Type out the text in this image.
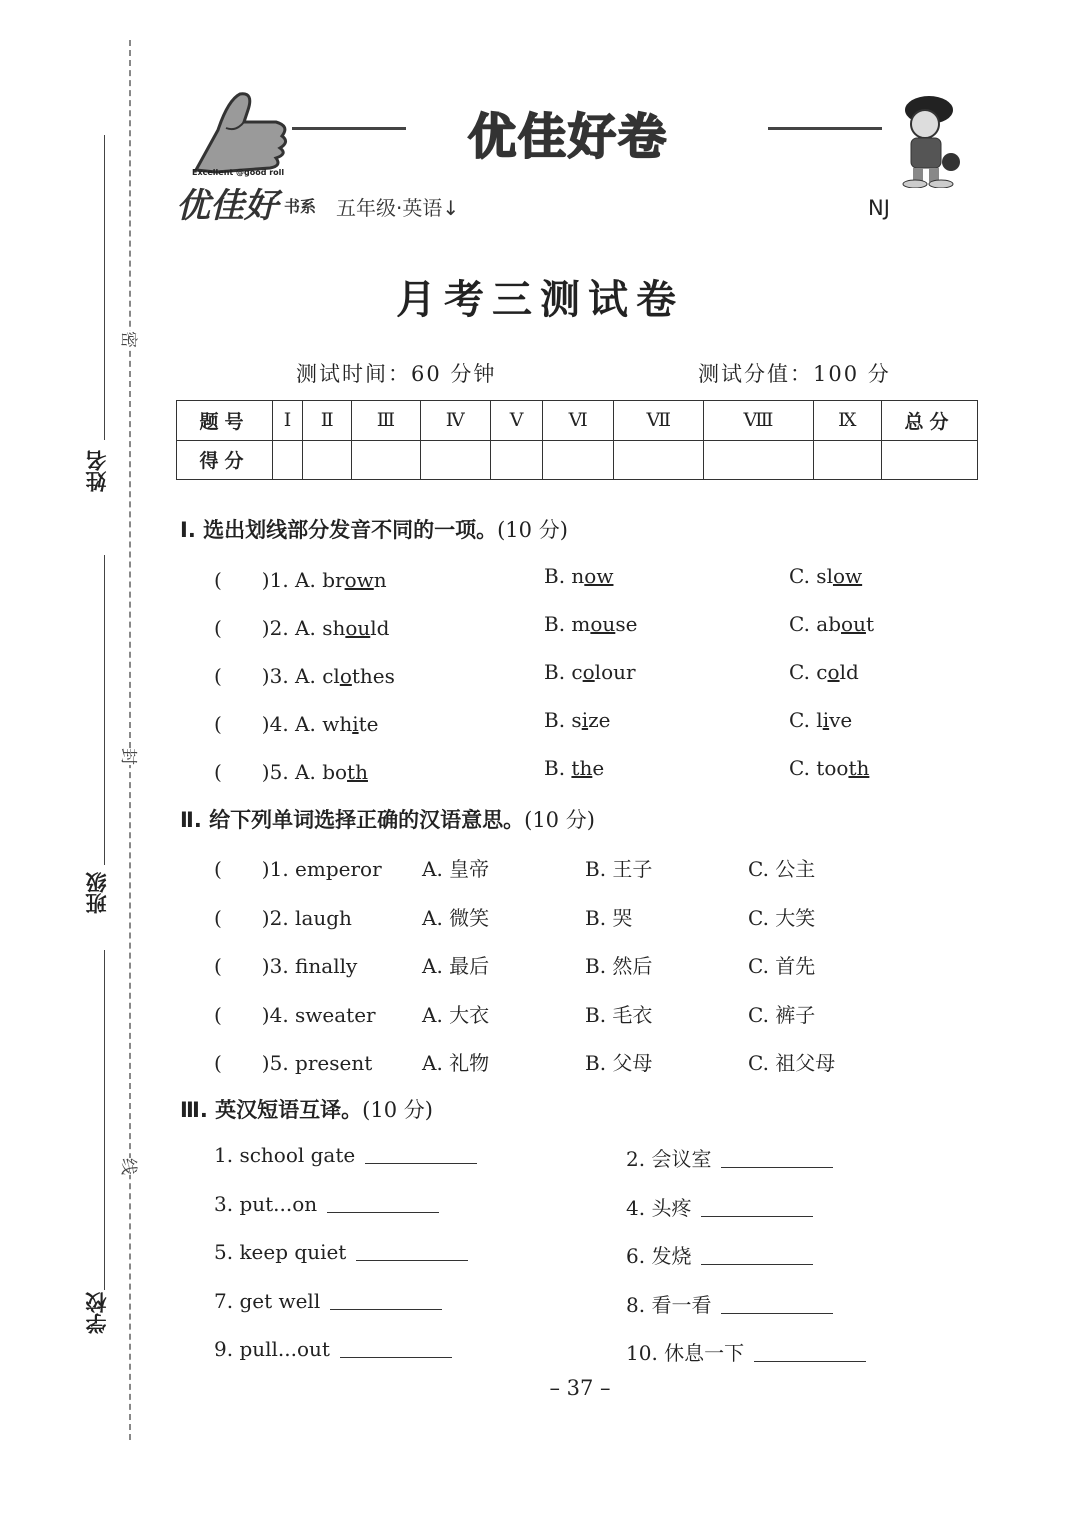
姓名
班级
学校
密
封
线
Excellent @good roll
优佳好 书系 五年级·英语↓
优佳好卷
NJ
月考三测试卷
测试时间：60 分钟	测试分值：100 分
题号	Ⅰ	Ⅱ	Ⅲ	Ⅳ	Ⅴ	Ⅵ	Ⅶ	Ⅷ	Ⅸ	总分
得分										
Ⅰ. 选出划线部分发音不同的一项。(10 分)
(　　)1. A. brown	B. now	C. slow
(　　)2. A. should	B. mouse	C. about
(　　)3. A. clothes	B. colour	C. cold
(　　)4. A. white	B. size	C. live
(　　)5. A. both	B. the	C. tooth
Ⅱ. 给下列单词选择正确的汉语意思。(10 分)
(　　)1. emperor A. 皇帝	B. 王子	C. 公主
(　　)2. laugh	A. 微笑	B. 哭	C. 大笑
(　　)3. finally	A. 最后	B. 然后	C. 首先
(　　)4. sweater A. 大衣	B. 毛衣	C. 裤子
(　　)5. present A. 礼物	B. 父母	C. 祖父母
Ⅲ. 英汉短语互译。(10 分)
1. school gate	2. 会议室
3. put...on	4. 头疼
5. keep quiet	6. 发烧
7. get well	8. 看一看
9. pull...out	10. 休息一下
– 37 –
